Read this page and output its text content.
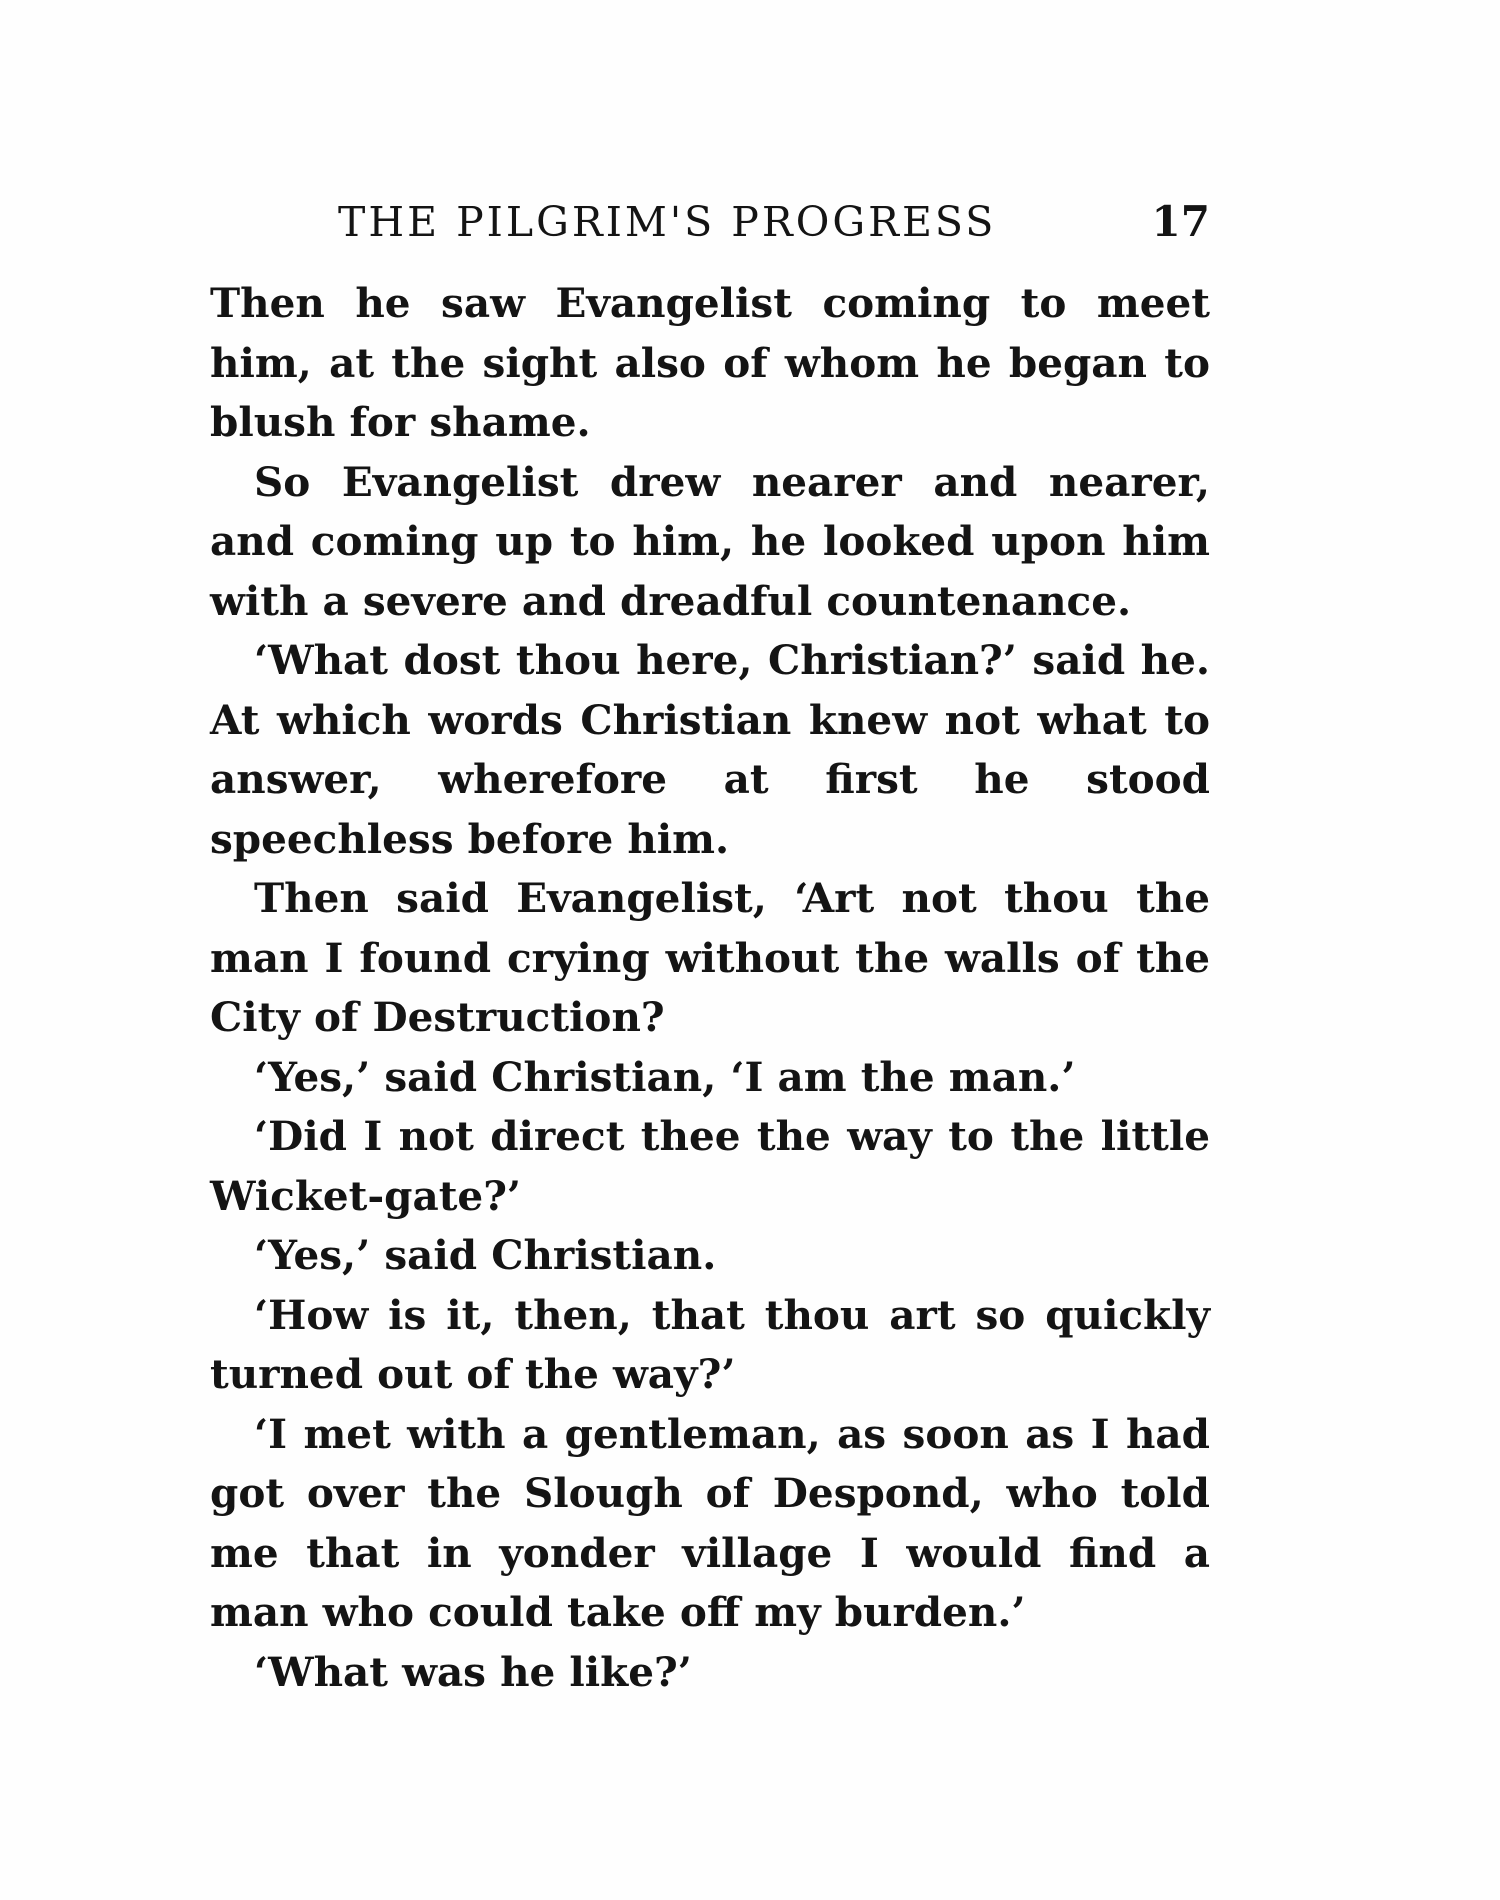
THE PILGRIM'S PROGRESS	17

Then he saw Evangelist coming to meet him, at the sight also of whom he began to blush for shame.

So Evangelist drew nearer and nearer, and coming up to him, he looked upon him with a severe and dreadful countenance.

‘What dost thou here, Christian?’ said he. At which words Christian knew not what to answer, wherefore at first he stood speechless before him.

Then said Evangelist, ‘Art not thou the man I found crying without the walls of the City of Destruction?

‘Yes,’ said Christian, ‘I am the man.’

‘Did I not direct thee the way to the little Wicket-gate?’

‘Yes,’ said Christian.

‘How is it, then, that thou art so quickly turned out of the way?’

‘I met with a gentleman, as soon as I had got over the Slough of Despond, who told me that in yonder village I would find a man who could take off my burden.’

‘What was he like?’
